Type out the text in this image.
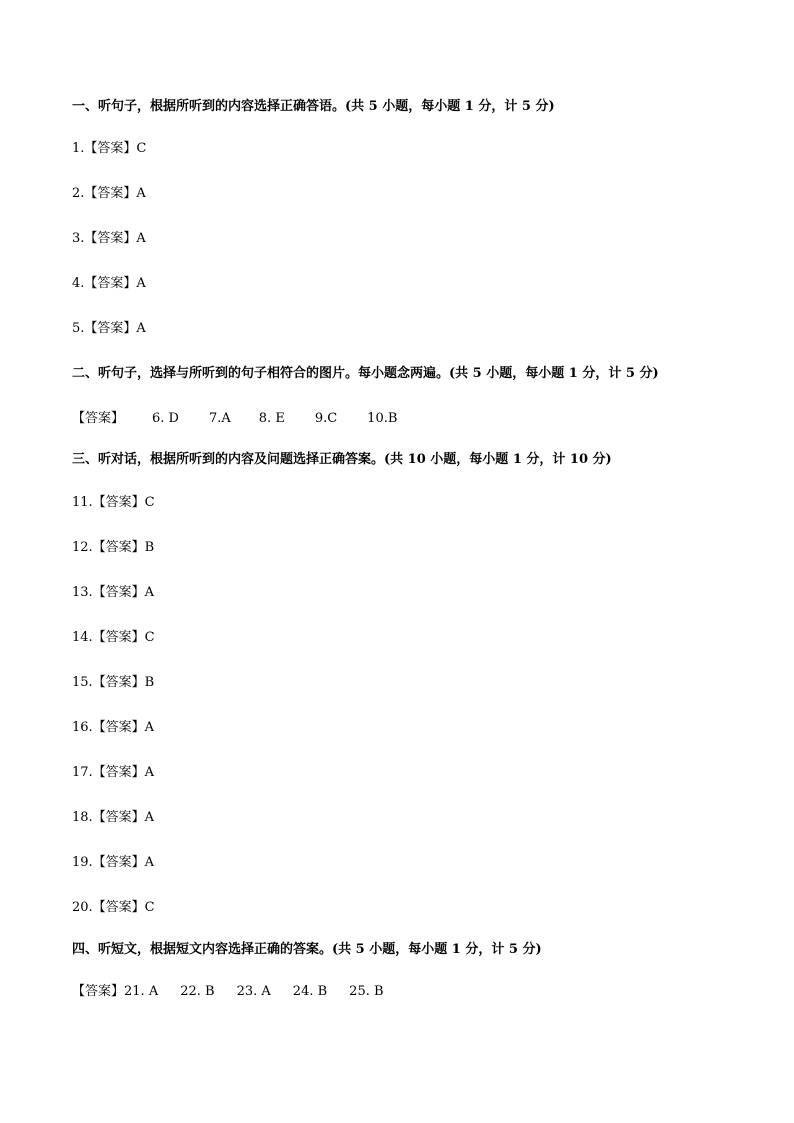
一、听句子，根据所听到的内容选择正确答语。(共 5 小题，每小题 1 分，计 5 分)
1.【答案】C
2.【答案】A
3.【答案】A
4.【答案】A
5.【答案】A
二、听句子，选择与所听到的句子相符合的图片。每小题念两遍。(共 5 小题，每小题 1 分，计 5 分)
【答案】 6. D 7.A 8. E 9.C 10.B
三、听对话，根据所听到的内容及问题选择正确答案。(共 10 小题，每小题 1 分，计 10 分)
11.【答案】C
12.【答案】B
13.【答案】A
14.【答案】C
15.【答案】B
16.【答案】A
17.【答案】A
18.【答案】A
19.【答案】A
20.【答案】C
四、听短文，根据短文内容选择正确的答案。(共 5 小题，每小题 1 分，计 5 分)
【答案】21. A 22. B 23. A 24. B 25. B
